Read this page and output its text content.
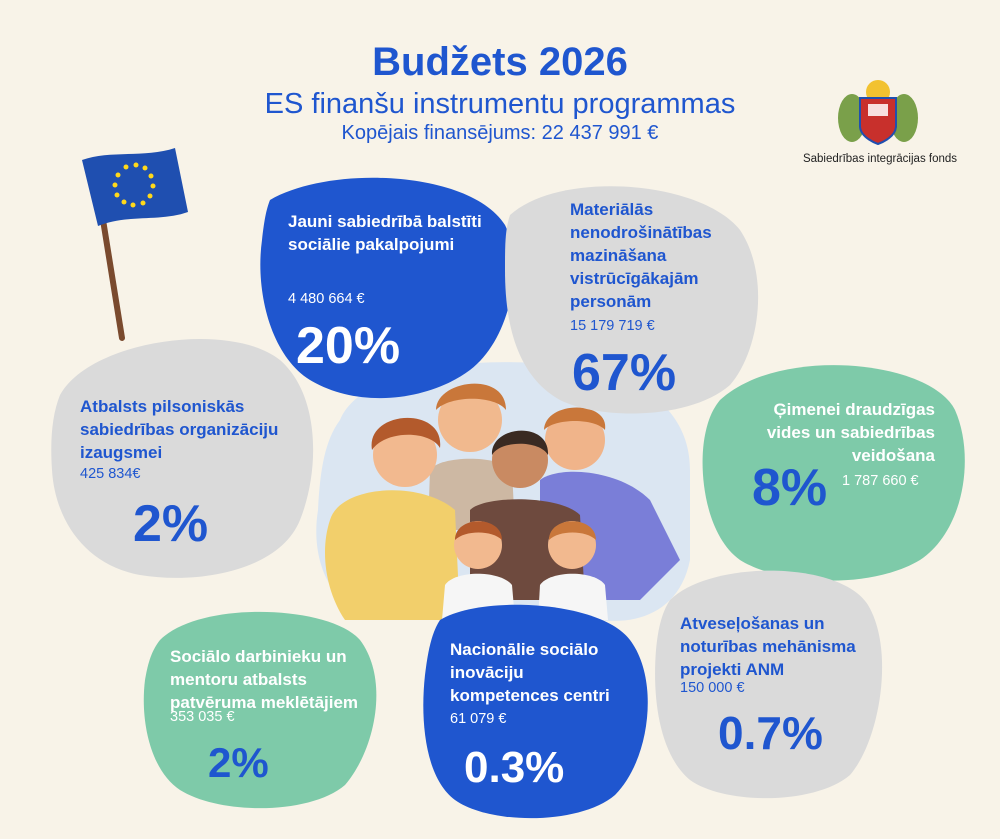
Budžets 2026
ES finanšu instrumentu programmas
Kopējais finansējums: 22 437 991 €
Sabiedrības integrācijas fonds
Jauni sabiedrībā balstīti sociālie pakalpojumi
4 480 664 €
20%
Materiālās nenodrošinātības mazināšana vistrūcīgākajām personām
15 179 719 €
67%
Atbalsts pilsoniskās sabiedrības organizāciju izaugsmei
425 834€
2%
Ģimenei draudzīgas vides un sabiedrības veidošana
1 787 660 €
8%
Sociālo darbinieku un mentoru atbalsts patvēruma meklētājiem
353 035 €
2%
Nacionālie sociālo inovāciju kompetences centri
61 079 €
0.3%
Atveseļošanas un noturības mehānisma projekti ANM
150 000 €
0.7%
